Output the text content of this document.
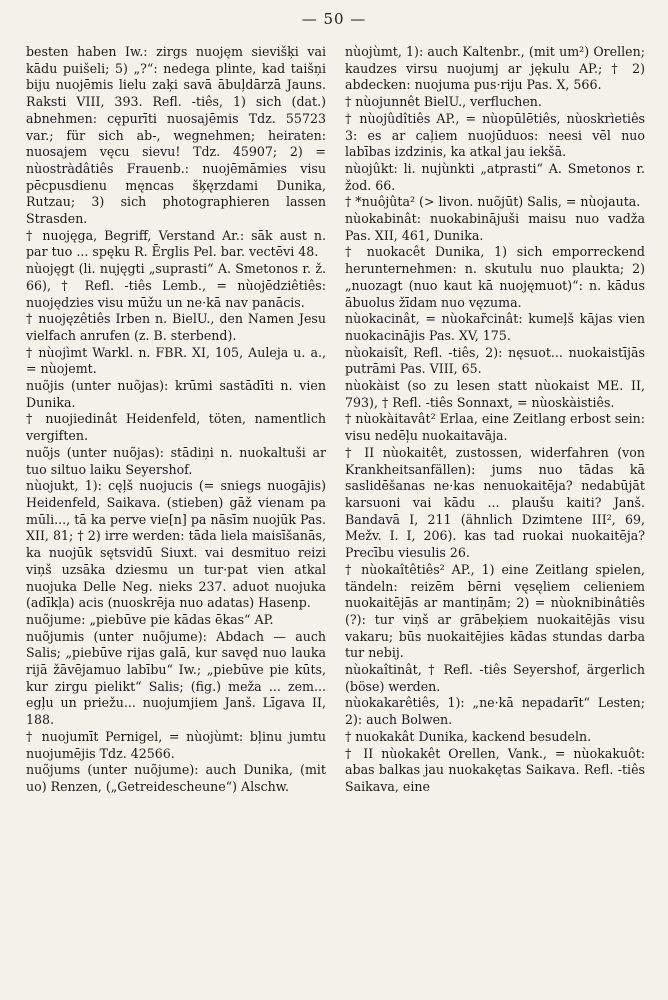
— 50 —

besten haben Iw.: zirgs nuojęm sievišķi vai kādu puišeli; 5) „?“: nedega plinte, kad taišņi biju nuojēmis lielu zaķi savā ābuļdārzā Jauns. Raksti VIII, 393. Refl. -tiês, 1) sich (dat.) abnehmen: cępurīti nuosajēmis Tdz. 55723 var.; für sich ab-, wegnehmen; heiraten: nuosajem vęcu sievu! Tdz. 45907; 2) = nùostràdâtiês Frauenb.: nuojēmāmies visu pēcpusdienu męncas šķęrzdami Dunika, Rutzau; 3) sich photographieren lassen Strasden.

† nuojęga, Begriff, Verstand Ar.: sāk aust n. par tuo ... spęku R. Ērglis Pel. bar. vectēvi 48.

nùojęgt (li. nujęgti „suprasti“ A. Smetonos r. ž. 66), † Refl. -tiês Lemb., = nùojēdziêtiês: nuojędzies visu mūžu un ne·kā nav panācis.

† nuojęzêtiês Irben n. BielU., den Namen Jesu vielfach anrufen (z. B. sterbend).

† nùojìmt Warkl. n. FBR. XI, 105, Auleja u. a., = nùojemt.

nuõjis (unter nuõjas): krūmi sastādīti n. vien Dunika.

† nuojiedinât Heidenfeld, töten, namentlich vergiften.

nuõjs (unter nuõjas): stādiņi n. nuokaltuši ar tuo siltuo laiku Seyershof.

nùojukt, 1): cęļš nuojucis (= sniegs nuogājis) Heidenfeld, Saikava. (stieben) gāž vienam pa mūli..., tā ka perve vie[n] pa nāsīm nuojūk Pas. XII, 81; † 2) irre werden: tāda liela maisīšanās, ka nuojūk sętsvidū Siuxt. vai desmituo reizi viņš uzsāka dziesmu un tur·pat vien atkal nuojuka Delle Neg. nieks 237. aduot nuojuka (adīkļa) acis (nuoskrēja nuo adatas) Hasenp.

nuõjume: „piebūve pie kādas ēkas“ AP.

nuõjumis (unter nuõjume): Abdach — auch Salis; „piebūve rijas galā, kur savęd nuo lauka rijā žāvējamuo labību“ Iw.; „piebūve pie kūts, kur zirgu pielikt“ Salis; (fig.) meža ... zem... egļu un priežu... nuojumjiem Janš. Līgava II, 188.

† nuojumīt Pernigel, = nùojùmt: bļinu jumtu nuojumējis Tdz. 42566.

nuõjums (unter nuõjume): auch Dunika, (mit uo) Renzen, („Getreidescheune“) Alschw.

nùojùmt, 1): auch Kaltenbr., (mit um²) Orellen; kaudzes virsu nuojumj ar jękulu AP.; † 2) abdecken: nuojuma pus·riju Pas. X, 566.

† nùojunnêt BielU., verfluchen.

† nùojûdîtiês AP., = nùopūlētiês, nùoskrìetiês 3: es ar caļiem nuojūduos: neesi vēl nuo labības izdzinis, ka atkal jau iekšā.

nùojûkt: li. nujùnkti „atprasti“ A. Smetonos r. žod. 66.

† *nuôjûta² (> livon. nuõjūt) Salis, = nùojauta.

nùokabinât: nuokabinājuši maisu nuo vadža Pas. XII, 461, Dunika.

† nuokacêt Dunika, 1) sich emporreckend herunternehmen: n. skutulu nuo plaukta; 2) „nuozagt (nuo kaut kā nuojęmuot)“: n. kādus ābuolus žīdam nuo vęzuma.

nùokacinât, = nùokar̃cinât: kumeļš kājas vien nuokacinājis Pas. XV, 175.

nùokaisît, Refl. -tiês, 2): nęsuot... nuokaistījās putrāmi Pas. VIII, 65.

nùokàist (so zu lesen statt nùokaist ME. II, 793), † Refl. -tiês Sonnaxt, = nùoskàistiês.

† nùokàitavât² Erlaa, eine Zeitlang erbost sein: visu nedēļu nuokaitavāja.

† II nùokaitêt, zustossen, widerfahren (von Krankheitsanfällen): jums nuo tādas kā saslidēšanas ne·kas nenuokaitēja? nedabūjāt karsuoni vai kādu ... plaušu kaiti? Janš. Bandavā I, 211 (ähnlich Dzimtene III², 69, Mežv. I. I, 206). kas tad ruokai nuokaitēja? Precību viesulis 26.

† nùokaîtêtiês² AP., 1) eine Zeitlang spielen, tändeln: reizēm bērni vęsęliem celieniem nuokaitējās ar mantiņām; 2) = nùoknibinâtiês (?): tur viņš ar grābeķiem nuokaitējās visu vakaru; būs nuokaitējies kādas stundas darba tur nebij.

nùokaîtinât, † Refl. -tiês Seyershof, ärgerlich (böse) werden.

nùokakarêtiês, 1): „ne·kā nepadarīt“ Lesten; 2): auch Bolwen.

† nuokakât Dunika, kackend besudeln.

† II nùokakêt Orellen, Vank., = nùokakuôt: abas balkas jau nuokakętas Saikava. Refl. -tiês Saikava, eine
